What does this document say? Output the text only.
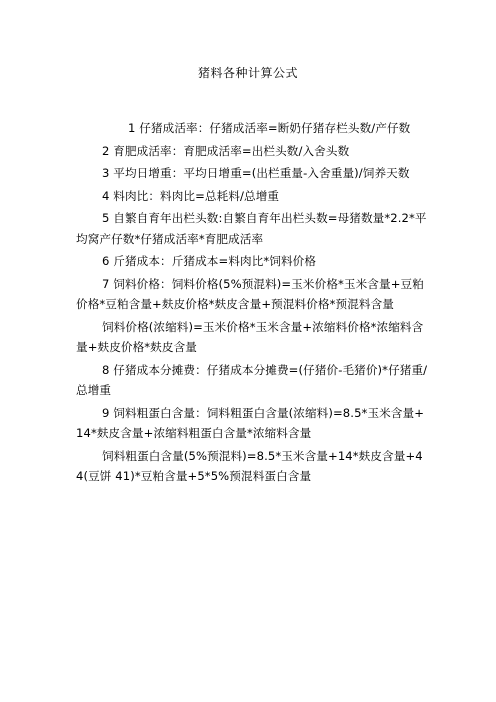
猪料各种计算公式

1 仔猪成活率：仔猪成活率=断奶仔猪存栏头数/产仔数

2 育肥成活率：育肥成活率=出栏头数/入舍头数

3 平均日增重：平均日增重=(出栏重量-入舍重量)/饲养天数

4 料肉比：料肉比=总耗料/总增重

5 自繁自育年出栏头数:自繁自育年出栏头数=母猪数量*2.2*平均窝产仔数*仔猪成活率*育肥成活率

6 斤猪成本：斤猪成本=料肉比*饲料价格

7 饲料价格：饲料价格(5%预混料)=玉米价格*玉米含量+豆粕价格*豆粕含量+麸皮价格*麸皮含量+预混料价格*预混料含量

饲料价格(浓缩料)=玉米价格*玉米含量+浓缩料价格*浓缩料含量+麸皮价格*麸皮含量

8 仔猪成本分摊费：仔猪成本分摊费=(仔猪价-毛猪价)*仔猪重/总增重

9 饲料粗蛋白含量：饲料粗蛋白含量(浓缩料)=8.5*玉米含量+14*麸皮含量+浓缩料粗蛋白含量*浓缩料含量

饲料粗蛋白含量(5%预混料)=8.5*玉米含量+14*麸皮含量+44(豆饼 41)*豆粕含量+5*5%预混料蛋白含量
